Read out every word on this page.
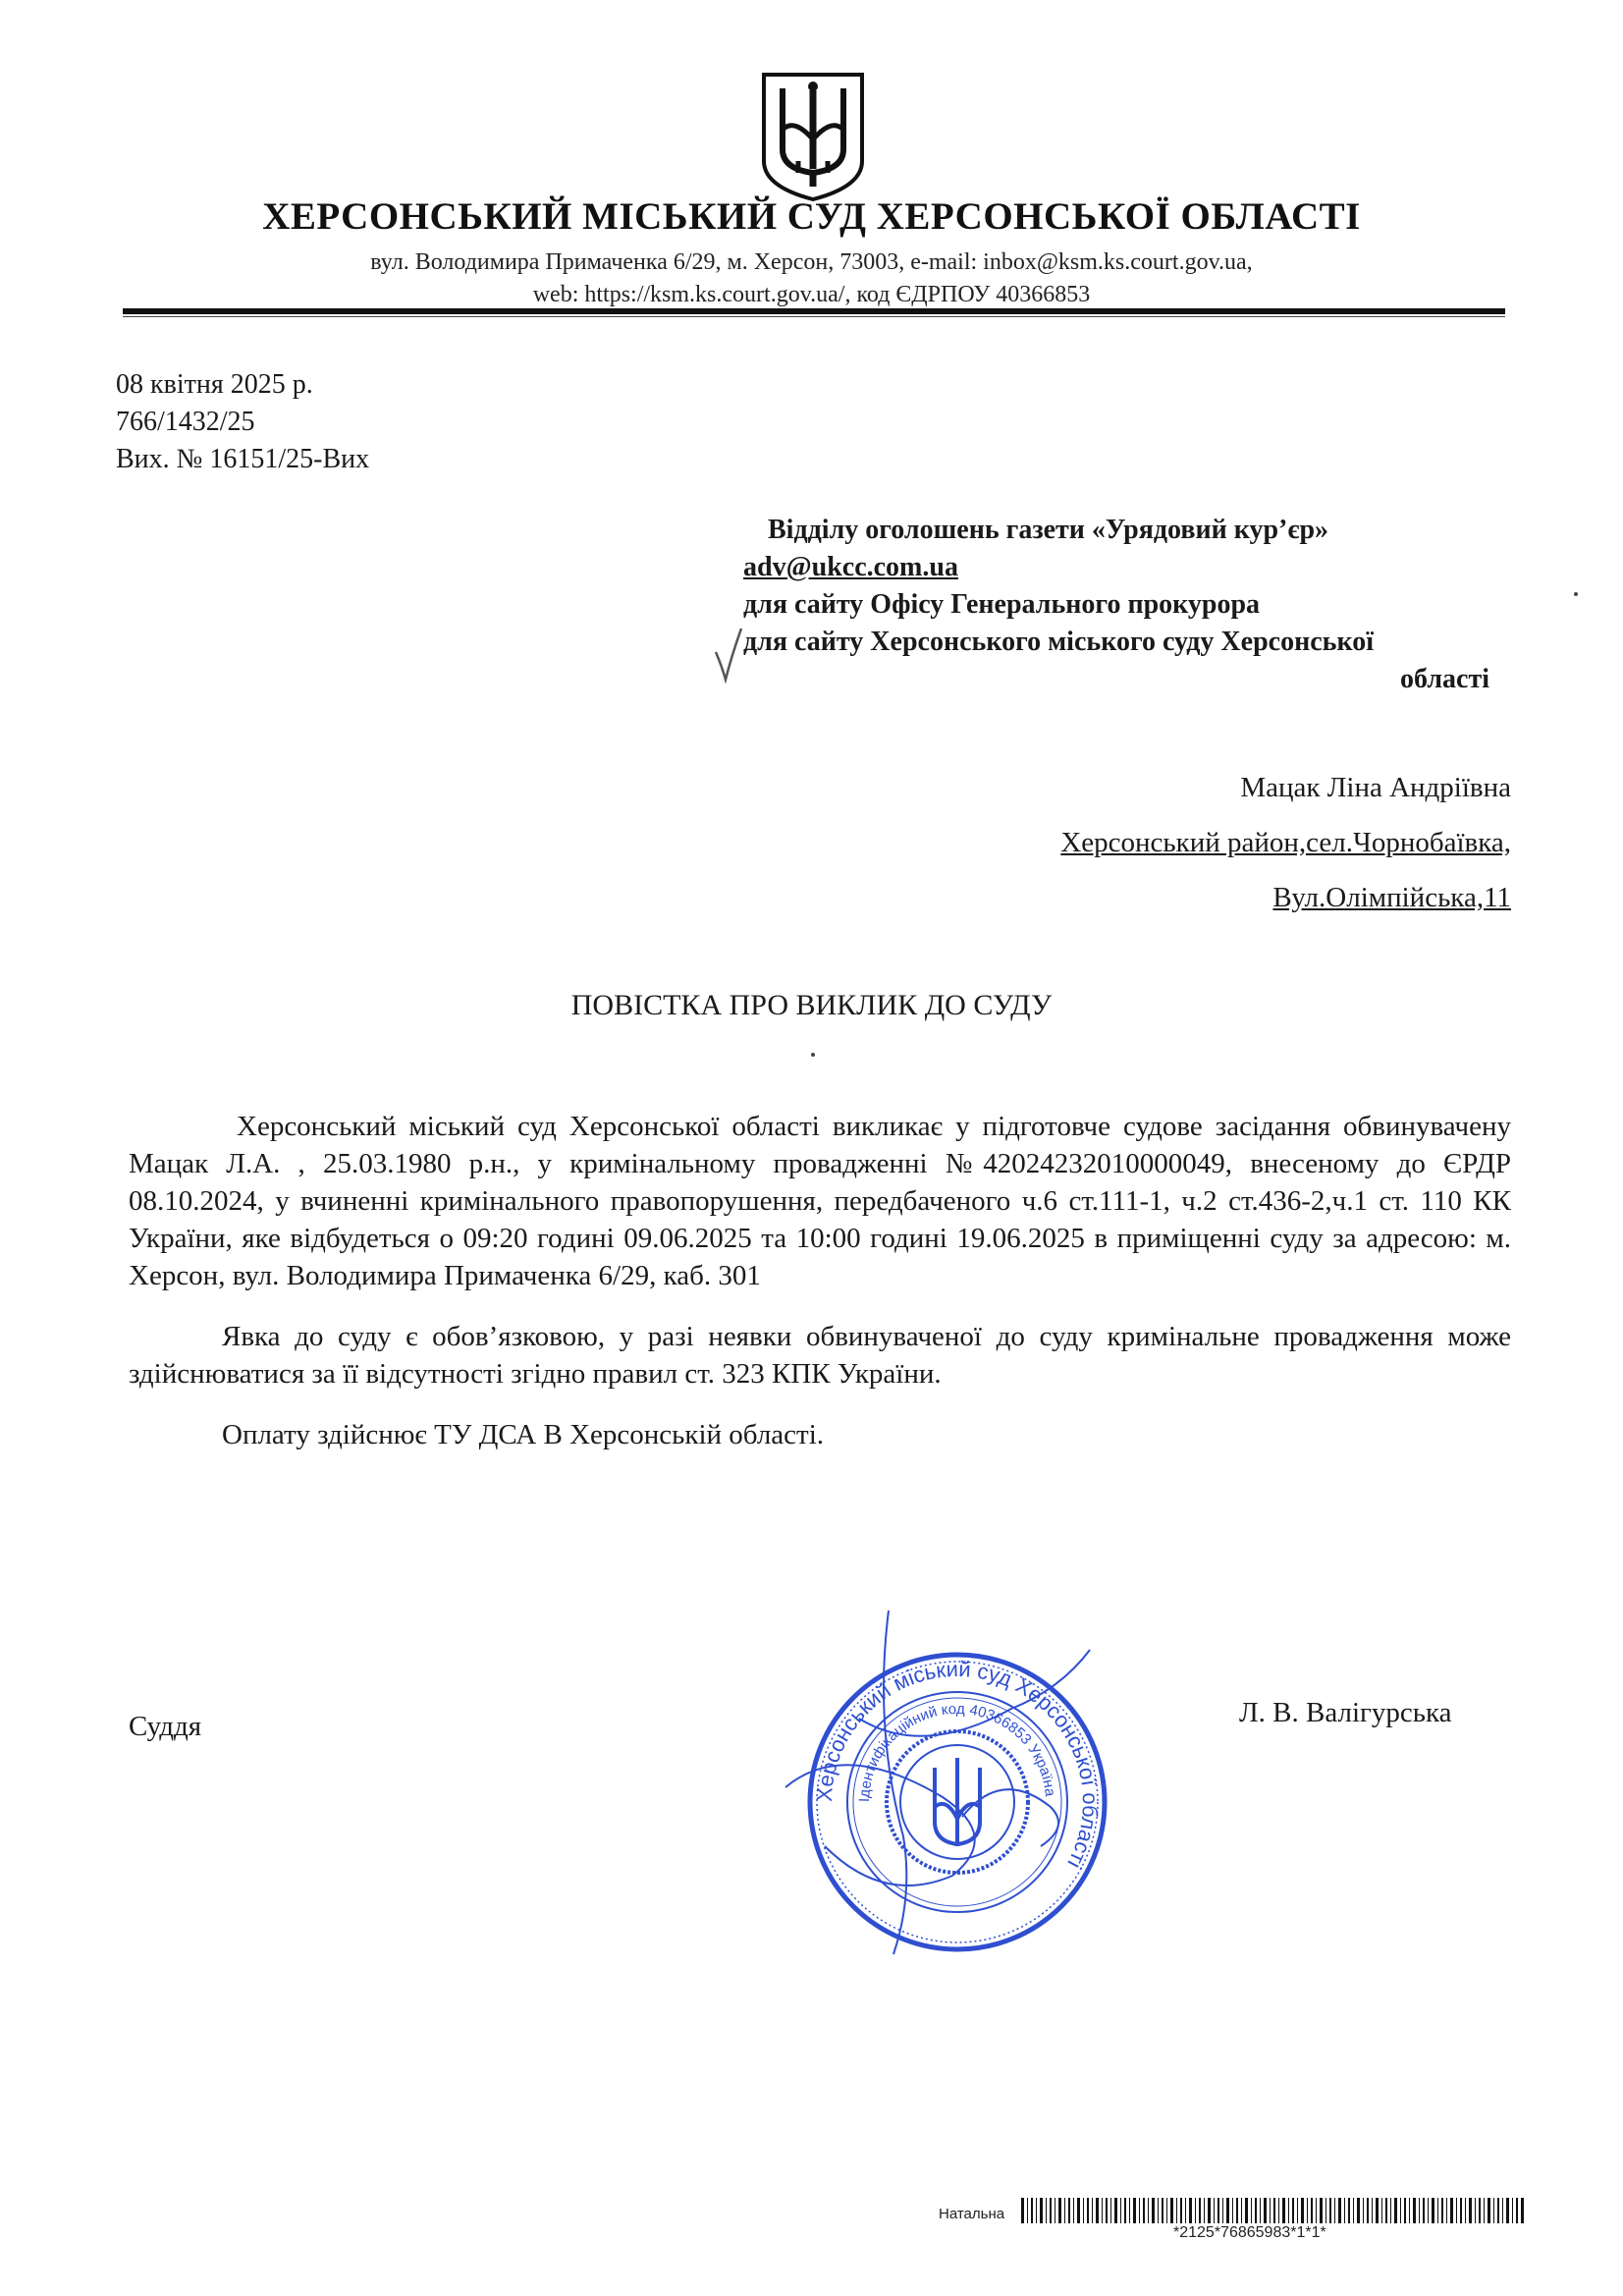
ХЕРСОНСЬКИЙ МІСЬКИЙ СУД ХЕРСОНСЬКОЇ ОБЛАСТІ
вул. Володимира Примаченка 6/29, м. Херсон, 73003, e-mail: inbox@ksm.ks.court.gov.ua,
web: https://ksm.ks.court.gov.ua/, код ЄДРПОУ 40366853
08 квітня 2025 р.
766/1432/25
Вих. № 16151/25-Вих
Відділу оголошень газети «Урядовий кур’єр»
adv@ukcc.com.ua
для сайту Офісу Генерального прокурора
для сайту Херсонського міського суду Херсонської
області
Мацак Ліна Андріївна
Херсонський район,сел.Чорнобаївка,
Вул.Олімпійська,11
ПОВІСТКА ПРО ВИКЛИК ДО СУДУ

Херсонський міський суд Херсонської області викликає у підготовче судове засідання обвинувачену Мацак Л.А. , 25.03.1980 р.н., у кримінальному провадженні №42024232010000049, внесеному до ЄРДР 08.10.2024, у вчиненні кримінального правопорушення, передбаченого ч.6 ст.111-1, ч.2 ст.436-2,ч.1 ст. 110 КК України, яке відбудеться о 09:20 годині 09.06.2025 та 10:00 годині 19.06.2025 в приміщенні суду за адресою: м. Херсон, вул. Володимира Примаченка 6/29, каб. 301

Явка до суду є обов’язковою, у разі неявки обвинуваченої до суду кримінальне провадження може здійснюватися за її відсутності згідно правил ст. 323 КПК України.

Оплату здійснює ТУ ДСА В Херсонській області.

Суддя	Л. В. Валігурська
Херсонський міський суд Херсонської області
Ідентифікаційний код 40366853 Україна
Натальна
*2125*76865983*1*1*
